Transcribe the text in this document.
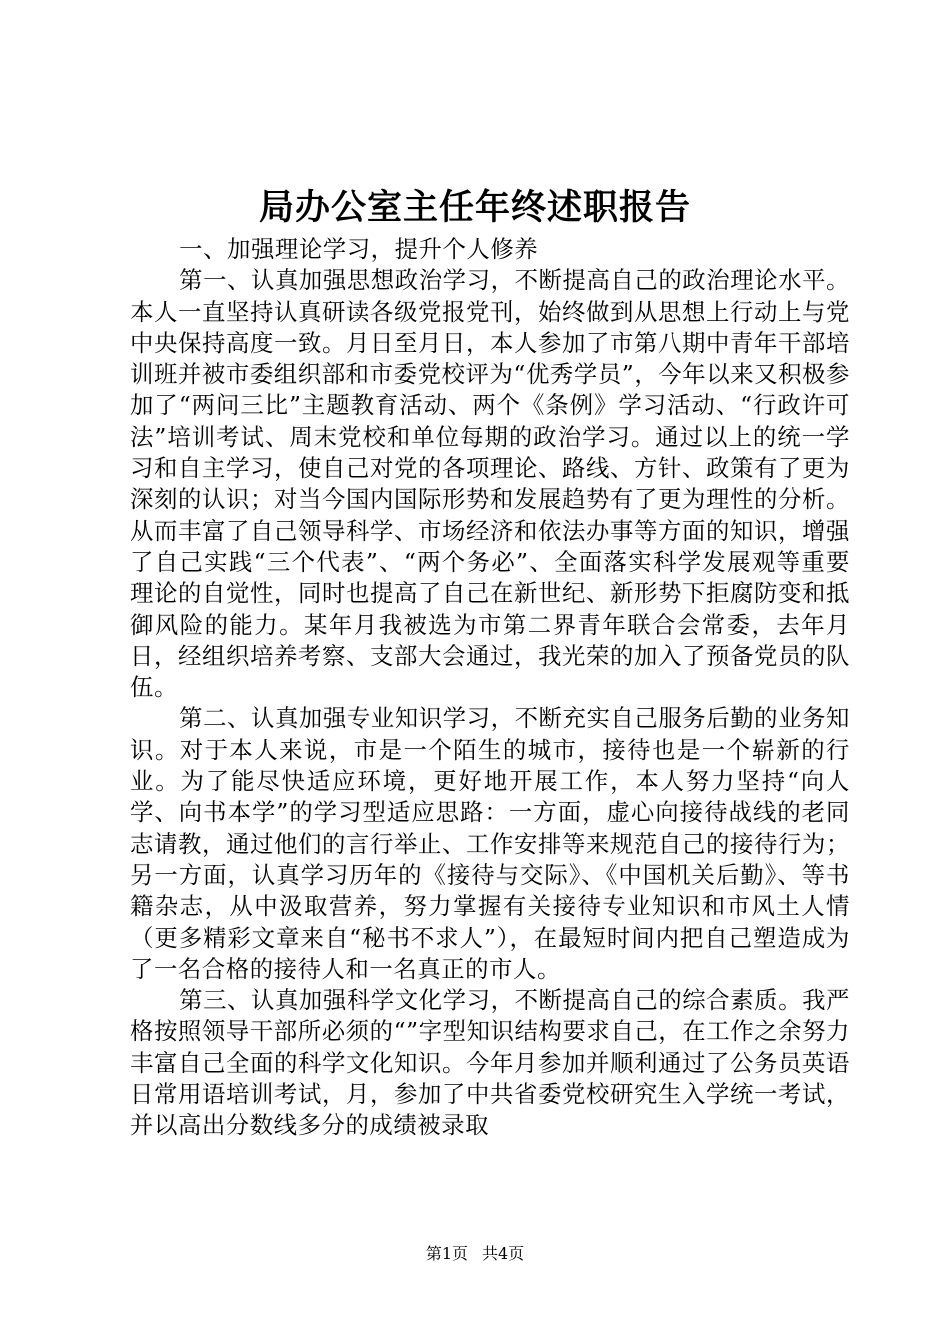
局办公室主任年终述职报告

一、加强理论学习，提升个人修养

第一、认真加强思想政治学习，不断提高自己的政治理论水平。本人一直坚持认真研读各级党报党刊，始终做到从思想上行动上与党中央保持高度一致。月日至月日，本人参加了市第八期中青年干部培训班并被市委组织部和市委党校评为“优秀学员”，今年以来又积极参加了“两问三比”主题教育活动、两个《条例》学习活动、“行政许可法”培训考试、周末党校和单位每期的政治学习。通过以上的统一学习和自主学习，使自己对党的各项理论、路线、方针、政策有了更为深刻的认识；对当今国内国际形势和发展趋势有了更为理性的分析。从而丰富了自己领导科学、市场经济和依法办事等方面的知识，增强了自己实践“三个代表”、“两个务必”、全面落实科学发展观等重要理论的自觉性，同时也提高了自己在新世纪、新形势下拒腐防变和抵御风险的能力。某年月我被选为市第二界青年联合会常委，去年月日，经组织培养考察、支部大会通过，我光荣的加入了预备党员的队伍。

第二、认真加强专业知识学习，不断充实自己服务后勤的业务知识。对于本人来说，市是一个陌生的城市，接待也是一个崭新的行业。为了能尽快适应环境，更好地开展工作，本人努力坚持“向人学、向书本学”的学习型适应思路：一方面，虚心向接待战线的老同志请教，通过他们的言行举止、工作安排等来规范自己的接待行为；另一方面，认真学习历年的《接待与交际》、《中国机关后勤》、等书籍杂志，从中汲取营养，努力掌握有关接待专业知识和市风土人情（更多精彩文章来自“秘书不求人”），在最短时间内把自己塑造成为了一名合格的接待人和一名真正的市人。

第三、认真加强科学文化学习，不断提高自己的综合素质。我严格按照领导干部所必须的“”字型知识结构要求自己，在工作之余努力丰富自己全面的科学文化知识。今年月参加并顺利通过了公务员英语日常用语培训考试，月，参加了中共省委党校研究生入学统一考试，并以高出分数线多分的成绩被录取

第1页 共4页
